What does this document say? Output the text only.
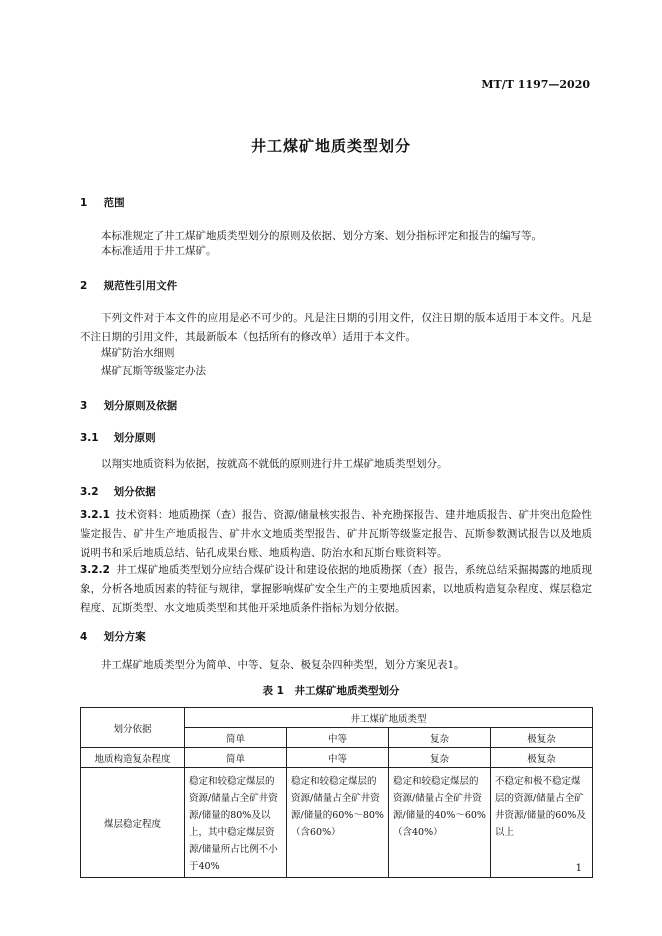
MT/T 1197—2020
井工煤矿地质类型划分
1 范围
本标准规定了井工煤矿地质类型划分的原则及依据、划分方案、划分指标评定和报告的编写等。
本标准适用于井工煤矿。
2 规范性引用文件
下列文件对于本文件的应用是必不可少的。凡是注日期的引用文件，仅注日期的版本适用于本文件。凡是不注日期的引用文件，其最新版本（包括所有的修改单）适用于本文件。
煤矿防治水细则
煤矿瓦斯等级鉴定办法
3 划分原则及依据
3.1 划分原则
以翔实地质资料为依据，按就高不就低的原则进行井工煤矿地质类型划分。
3.2 划分依据
3.2.1 技术资料：地质勘探（查）报告、资源/储量核实报告、补充勘探报告、建井地质报告、矿井突出危险性鉴定报告、矿井生产地质报告、矿井水文地质类型报告、矿井瓦斯等级鉴定报告、瓦斯参数测试报告以及地质说明书和采后地质总结、钻孔成果台账、地质构造、防治水和瓦斯台账资料等。
3.2.2 井工煤矿地质类型划分应结合煤矿设计和建设依据的地质勘探（查）报告，系统总结采掘揭露的地质现象，分析各地质因素的特征与规律，掌握影响煤矿安全生产的主要地质因素，以地质构造复杂程度、煤层稳定程度、瓦斯类型、水文地质类型和其他开采地质条件指标为划分依据。
4 划分方案
井工煤矿地质类型分为简单、中等、复杂、极复杂四种类型，划分方案见表1。
表 1　井工煤矿地质类型划分
划分依据	井工煤矿地质类型			
	简单	中等	复杂	极复杂
地质构造复杂程度	简单	中等	复杂	极复杂
煤层稳定程度	稳定和较稳定煤层的资源/储量占全矿井资源/储量的80%及以上，其中稳定煤层资源/储量所占比例不小于40%	稳定和较稳定煤层的资源/储量占全矿井资源/储量的60%～80%（含60%）	稳定和较稳定煤层的资源/储量占全矿井资源/储量的40%～60%（含40%）	不稳定和极不稳定煤层的资源/储量占全矿井资源/储量的60%及以上
1
